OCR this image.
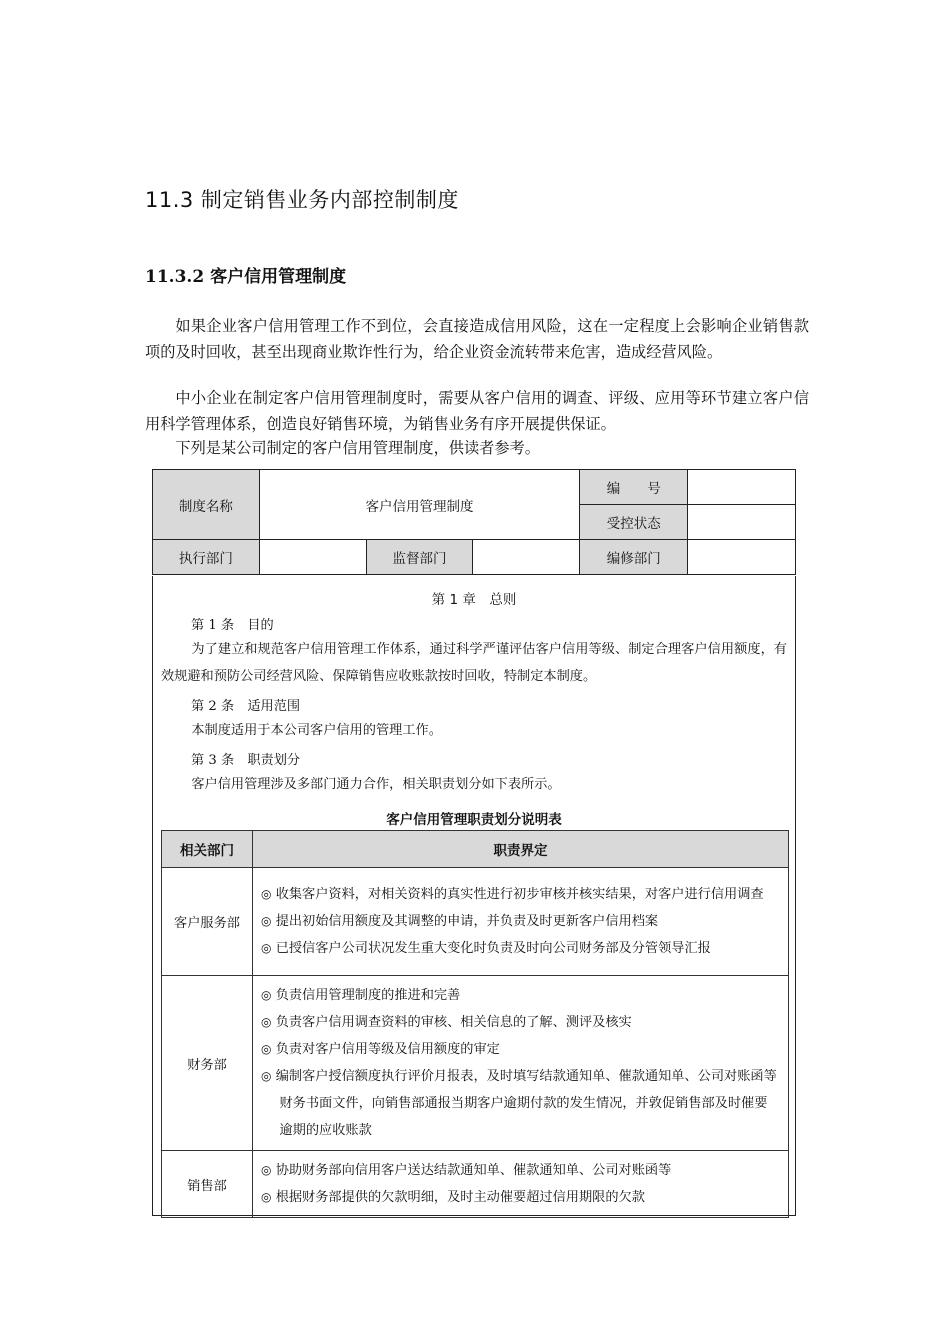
11.3 制定销售业务内部控制制度
11.3.2 客户信用管理制度

如果企业客户信用管理工作不到位，会直接造成信用风险，这在一定程度上会影响企业销售款项的及时回收，甚至出现商业欺诈性行为，给企业资金流转带来危害，造成经营风险。

中小企业在制定客户信用管理制度时，需要从客户信用的调查、评级、应用等环节建立客户信用科学管理体系，创造良好销售环境，为销售业务有序开展提供保证。

下列是某公司制定的客户信用管理制度，供读者参考。

制度名称	客户信用管理制度			编　　号	
				受控状态	
执行部门		监督部门		编修部门	
第 1 章　总则
第 1 条　目的
为了建立和规范客户信用管理工作体系，通过科学严谨评估客户信用等级、制定合理客户信用额度，有效规避和预防公司经营风险、保障销售应收账款按时回收，特制定本制度。
第 2 条　适用范围
本制度适用于本公司客户信用的管理工作。
第 3 条　职责划分
客户信用管理涉及多部门通力合作，相关职责划分如下表所示。
客户信用管理职责划分说明表
相关部门	职责界定
客户服务部	◎ 收集客户资料，对相关资料的真实性进行初步审核并核实结果，对客户进行信用调查
◎ 提出初始信用额度及其调整的申请，并负责及时更新客户信用档案
◎ 已授信客户公司状况发生重大变化时负责及时向公司财务部及分管领导汇报

财务部	◎ 负责信用管理制度的推进和完善
◎ 负责客户信用调查资料的审核、相关信息的了解、测评及核实
◎ 负责对客户信用等级及信用额度的审定
◎ 编制客户授信额度执行评价月报表，及时填写结款通知单、催款通知单、公司对账函等财务书面文件，向销售部通报当期客户逾期付款的发生情况，并敦促销售部及时催要逾期的应收账款

销售部	◎ 协助财务部向信用客户送达结款通知单、催款通知单、公司对账函等
◎ 根据财务部提供的欠款明细，及时主动催要超过信用期限的欠款
